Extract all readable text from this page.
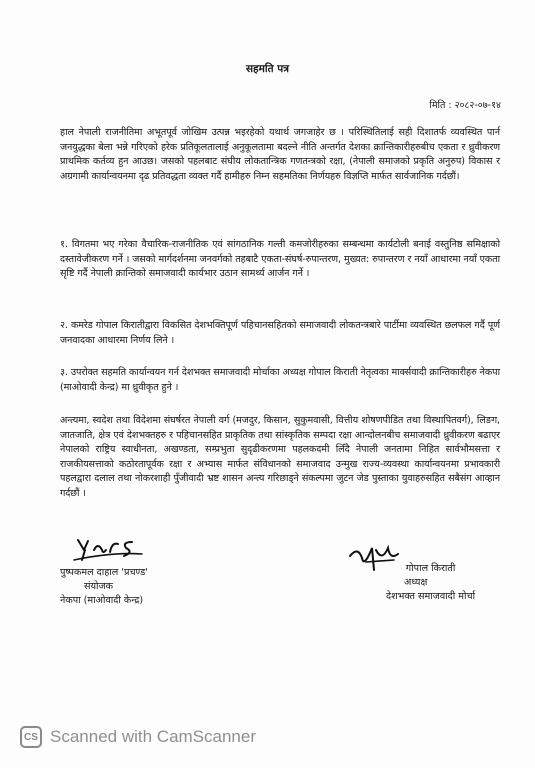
सहमति पत्र
मिति : २०८२-०७-१४
हाल नेपाली राजनीतिमा अभूतपूर्व जोखिम उत्पन्न भइरहेको यथार्थ जगजाहेर छ । परिस्थितिलाई सही दिशातर्फ व्यवस्थित पार्न जनयुद्धका बेला भन्ने गरिएको हरेक प्रतिकूलतालाई अनुकूलतामा बदल्ने नीति अन्तर्गत देशका क्रान्तिकारीहरुबीच एकता र ध्रुवीकरण प्राथमिक कर्तव्य हुन आउछ। जसको पहलबाट संघीय लोकतान्त्रिक गणतन्त्रको रक्षा, (नेपाली समाजको प्रकृति अनुरुप) विकास र अग्रगामी कार्यान्वयनमा दृढ प्रतिवद्धता व्यक्त गर्दै हामीहरु निम्न सहमतिका निर्णयहरु विज्ञप्ति मार्फत सार्वजानिक गर्दछौं।
१. विगतमा भए गरेका वैचारिक-राजनीतिक एवं सांगठानिक गल्ती कमजोरीहरुका सम्बन्धमा कार्यटोली बनाई वस्तुनिष्ठ समिक्षाको दस्तावेजीकरण गर्ने । जसको मार्गदर्शनमा जनवर्गको तहबाटै एकता-संघर्ष-रुपान्तरण, मुख्यत: रुपान्तरण र नयाँ आधारमा नयाँ एकता सृष्टि गर्दै नेपाली क्रान्तिको समाजवादी कार्यभार उठान सामर्थ्य आर्जन गर्ने ।
२. कमरेड गोपाल किरातीद्वारा विकसित देशभक्तिपूर्ण पहिचानसहितको समाजवादी लोकतन्त्रबारे पार्टीमा व्यवस्थित छलफल गर्दै पूर्ण जनवादका आधारमा निर्णय लिने ।
३. उपरोक्त सहमति कार्यान्वयन गर्न देशभक्त समाजवादी मोर्चाका अध्यक्ष गोपाल किराती नेतृत्वका मार्क्सवादी क्रान्तिकारीहरु नेकपा (माओवादी केन्द्र) मा ध्रुवीकृत हुने ।
अन्त्यमा, स्वदेश तथा विदेशमा संघर्षरत नेपाली वर्ग (मजदुर, किसान, सुकुमवासी, वित्तीय शोषणपीडित तथा विस्थापितवर्ग), लिङग, जातजाति, क्षेत्र एवं देशभक्तहरु र पहिचानसहित प्राकृतिक तथा सांस्कृतिक सम्पदा रक्षा आन्दोलनबीच समाजवादी ध्रुवीकरण बढाएर नेपालको राष्ट्रिय स्वाधीनता, अखण्डता, सम्प्रभुता सुदृढीकरणमा पहलकदमी लिँदै नेपाली जनतामा निहित सार्वभौमसत्ता र राजकीयसत्ताको कठोरतापूर्वक रक्षा र अभ्यास मार्फत संविधानको समाजवाद उन्मुख राज्य-व्यवस्था कार्यान्वयनमा प्रभावकारी पहलद्वारा दलाल तथा नोकरशाही पुँजीवादी भ्रष्ट शासन अन्त्य गरिछाड्ने संकल्पमा जुटन जेड पुस्ताका युवाहरुसहित सबैसंग आव्हान गर्दछौं ।
पुष्पकमल दाहाल 'प्रचण्ड'
संयोजक
नेकपा (माओवादी केन्द्र)
गोपाल किराती
अध्यक्ष
देशभक्त समाजवादी मोर्चा
CS Scanned with CamScanner
